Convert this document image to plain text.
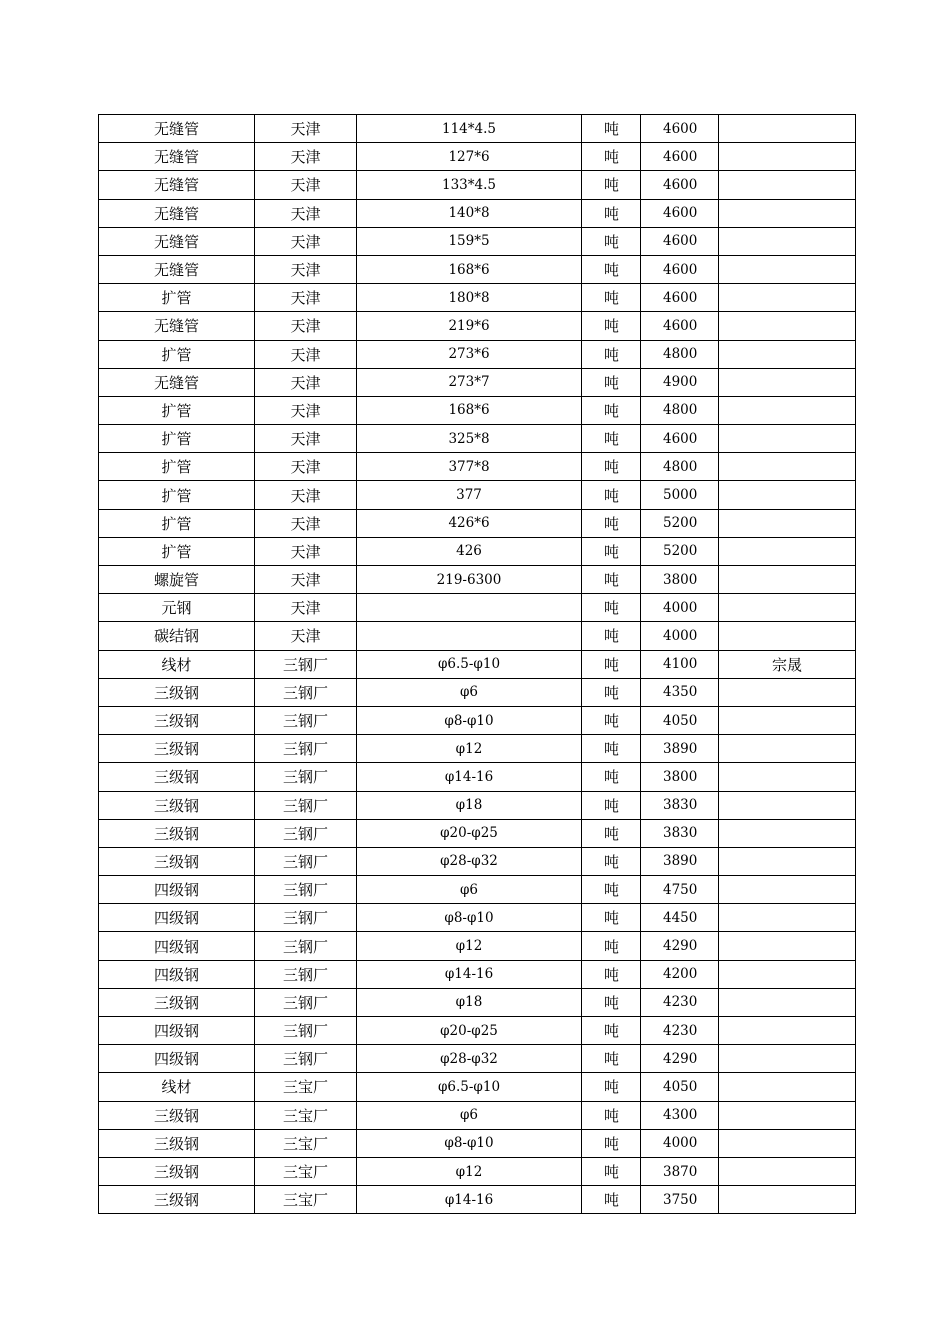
无缝管	天津	114*4.5	吨	4600	
无缝管	天津	127*6	吨	4600	
无缝管	天津	133*4.5	吨	4600	
无缝管	天津	140*8	吨	4600	
无缝管	天津	159*5	吨	4600	
无缝管	天津	168*6	吨	4600	
扩管	天津	180*8	吨	4600	
无缝管	天津	219*6	吨	4600	
扩管	天津	273*6	吨	4800	
无缝管	天津	273*7	吨	4900	
扩管	天津	168*6	吨	4800	
扩管	天津	325*8	吨	4600	
扩管	天津	377*8	吨	4800	
扩管	天津	377	吨	5000	
扩管	天津	426*6	吨	5200	
扩管	天津	426	吨	5200	
螺旋管	天津	219-6300	吨	3800	
元钢	天津		吨	4000	
碳结钢	天津		吨	4000	
线材	三钢厂	φ6.5-φ10	吨	4100	宗晟
三级钢	三钢厂	φ6	吨	4350	
三级钢	三钢厂	φ8-φ10	吨	4050	
三级钢	三钢厂	φ12	吨	3890	
三级钢	三钢厂	φ14-16	吨	3800	
三级钢	三钢厂	φ18	吨	3830	
三级钢	三钢厂	φ20-φ25	吨	3830	
三级钢	三钢厂	φ28-φ32	吨	3890	
四级钢	三钢厂	φ6	吨	4750	
四级钢	三钢厂	φ8-φ10	吨	4450	
四级钢	三钢厂	φ12	吨	4290	
四级钢	三钢厂	φ14-16	吨	4200	
三级钢	三钢厂	φ18	吨	4230	
四级钢	三钢厂	φ20-φ25	吨	4230	
四级钢	三钢厂	φ28-φ32	吨	4290	
线材	三宝厂	φ6.5-φ10	吨	4050	
三级钢	三宝厂	φ6	吨	4300	
三级钢	三宝厂	φ8-φ10	吨	4000	
三级钢	三宝厂	φ12	吨	3870	
三级钢	三宝厂	φ14-16	吨	3750	
